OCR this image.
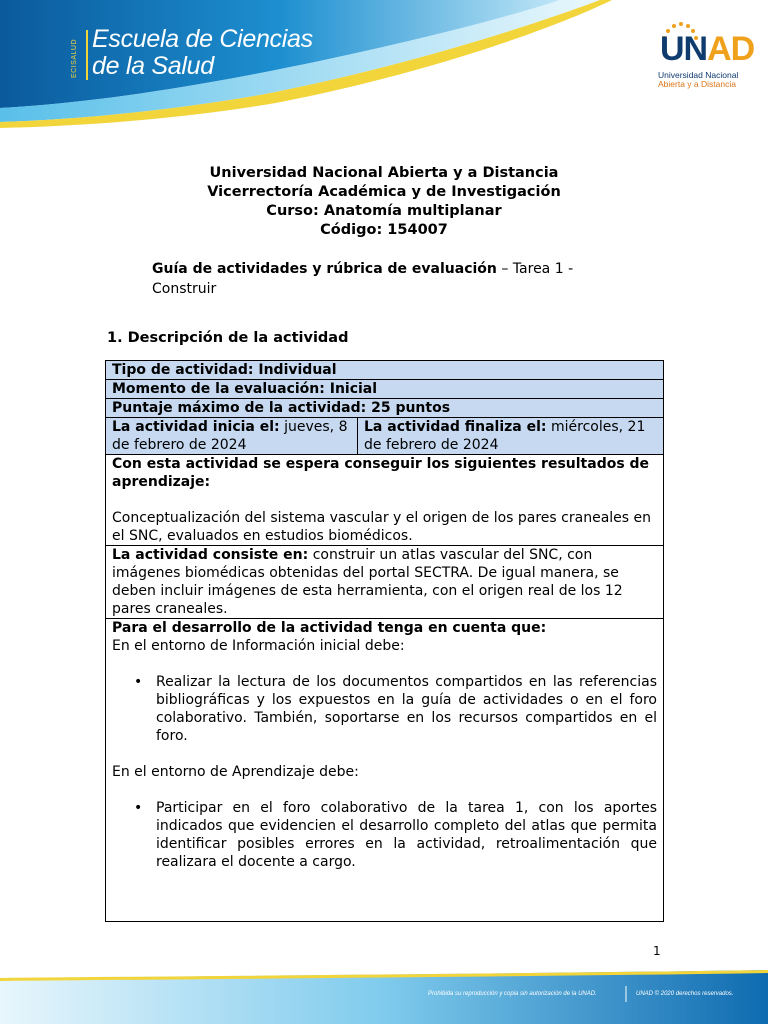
ECISALUD Escuela de Ciencias
de la Salud	UNAD
Universidad Nacional
Abierta y a Distancia
Universidad Nacional Abierta y a Distancia
Vicerrectoría Académica y de Investigación
Curso: Anatomía multiplanar
Código: 154007
Guía de actividades y rúbrica de evaluación – Tarea 1 - Construir
1. Descripción de la actividad
Tipo de actividad: Individual
Momento de la evaluación: Inicial
Puntaje máximo de la actividad: 25 puntos
La actividad inicia el: jueves, 8 de febrero de 2024	La actividad finaliza el: miércoles, 21 de febrero de 2024

Con esta actividad se espera conseguir los siguientes resultados de aprendizaje:

Conceptualización del sistema vascular y el origen de los pares craneales en el SNC, evaluados en estudios biomédicos.

La actividad consiste en: construir un atlas vascular del SNC, con imágenes biomédicas obtenidas del portal SECTRA. De igual manera, se deben incluir imágenes de esta herramienta, con el origen real de los 12 pares craneales.

Para el desarrollo de la actividad tenga en cuenta que:

En el entorno de Información inicial debe:

• Realizar la lectura de los documentos compartidos en las referencias bibliográficas y los expuestos en la guía de actividades o en el foro colaborativo. También, soportarse en los recursos compartidos en el foro.

En el entorno de Aprendizaje debe:

• Participar en el foro colaborativo de la tarea 1, con los aportes indicados que evidencien el desarrollo completo del atlas que permita identificar posibles errores en la actividad, retroalimentación que realizara el docente a cargo.
1
Prohibida su reproducción y copia sin autorización de la UNAD.	UNAD © 2020 derechos reservados.
